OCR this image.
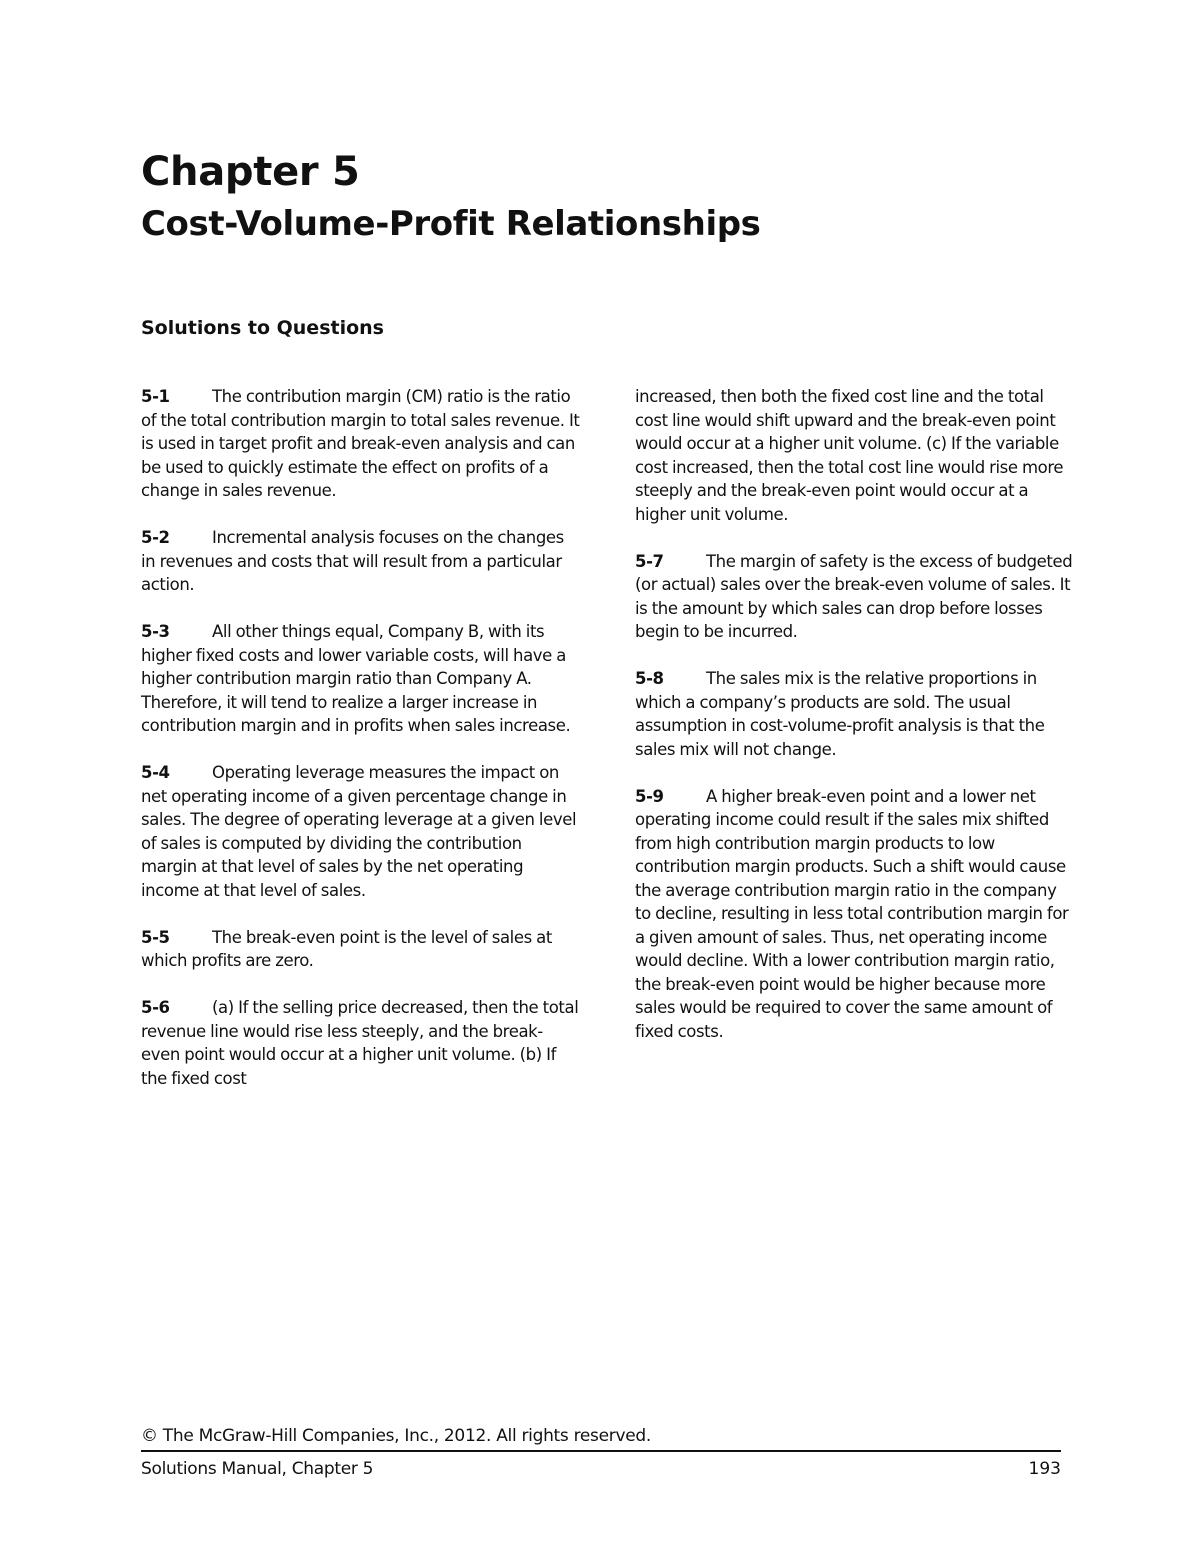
Chapter 5
Cost-Volume-Profit Relationships
Solutions to Questions

5-1	The contribution margin (CM) ratio is the ratio of the total contribution margin to total sales revenue. It is used in target profit and break-even analysis and can be used to quickly estimate the effect on profits of a change in sales revenue.

5-2	Incremental analysis focuses on the changes in revenues and costs that will result from a particular action.

5-3	All other things equal, Company B, with its higher fixed costs and lower variable costs, will have a higher contribution margin ratio than Company A. Therefore, it will tend to realize a larger increase in contribution margin and in profits when sales increase.

5-4	Operating leverage measures the impact on net operating income of a given percentage change in sales. The degree of operating leverage at a given level of sales is computed by dividing the contribution margin at that level of sales by the net operating income at that level of sales.

5-5	The break-even point is the level of sales at which profits are zero.

5-6	(a) If the selling price decreased, then the total revenue line would rise less steeply, and the break-even point would occur at a higher unit volume. (b) If the fixed cost

increased, then both the fixed cost line and the total cost line would shift upward and the break-even point would occur at a higher unit volume. (c) If the variable cost increased, then the total cost line would rise more steeply and the break-even point would occur at a higher unit volume.

5-7	The margin of safety is the excess of budgeted (or actual) sales over the break-even volume of sales. It is the amount by which sales can drop before losses begin to be incurred.

5-8	The sales mix is the relative proportions in which a company’s products are sold. The usual assumption in cost-volume-profit analysis is that the sales mix will not change.

5-9	A higher break-even point and a lower net operating income could result if the sales mix shifted from high contribution margin products to low contribution margin products. Such a shift would cause the average contribution margin ratio in the company to decline, resulting in less total contribution margin for a given amount of sales. Thus, net operating income would decline. With a lower contribution margin ratio, the break-even point would be higher because more sales would be required to cover the same amount of fixed costs.

© The McGraw-Hill Companies, Inc., 2012. All rights reserved.
Solutions Manual, Chapter 5	193
